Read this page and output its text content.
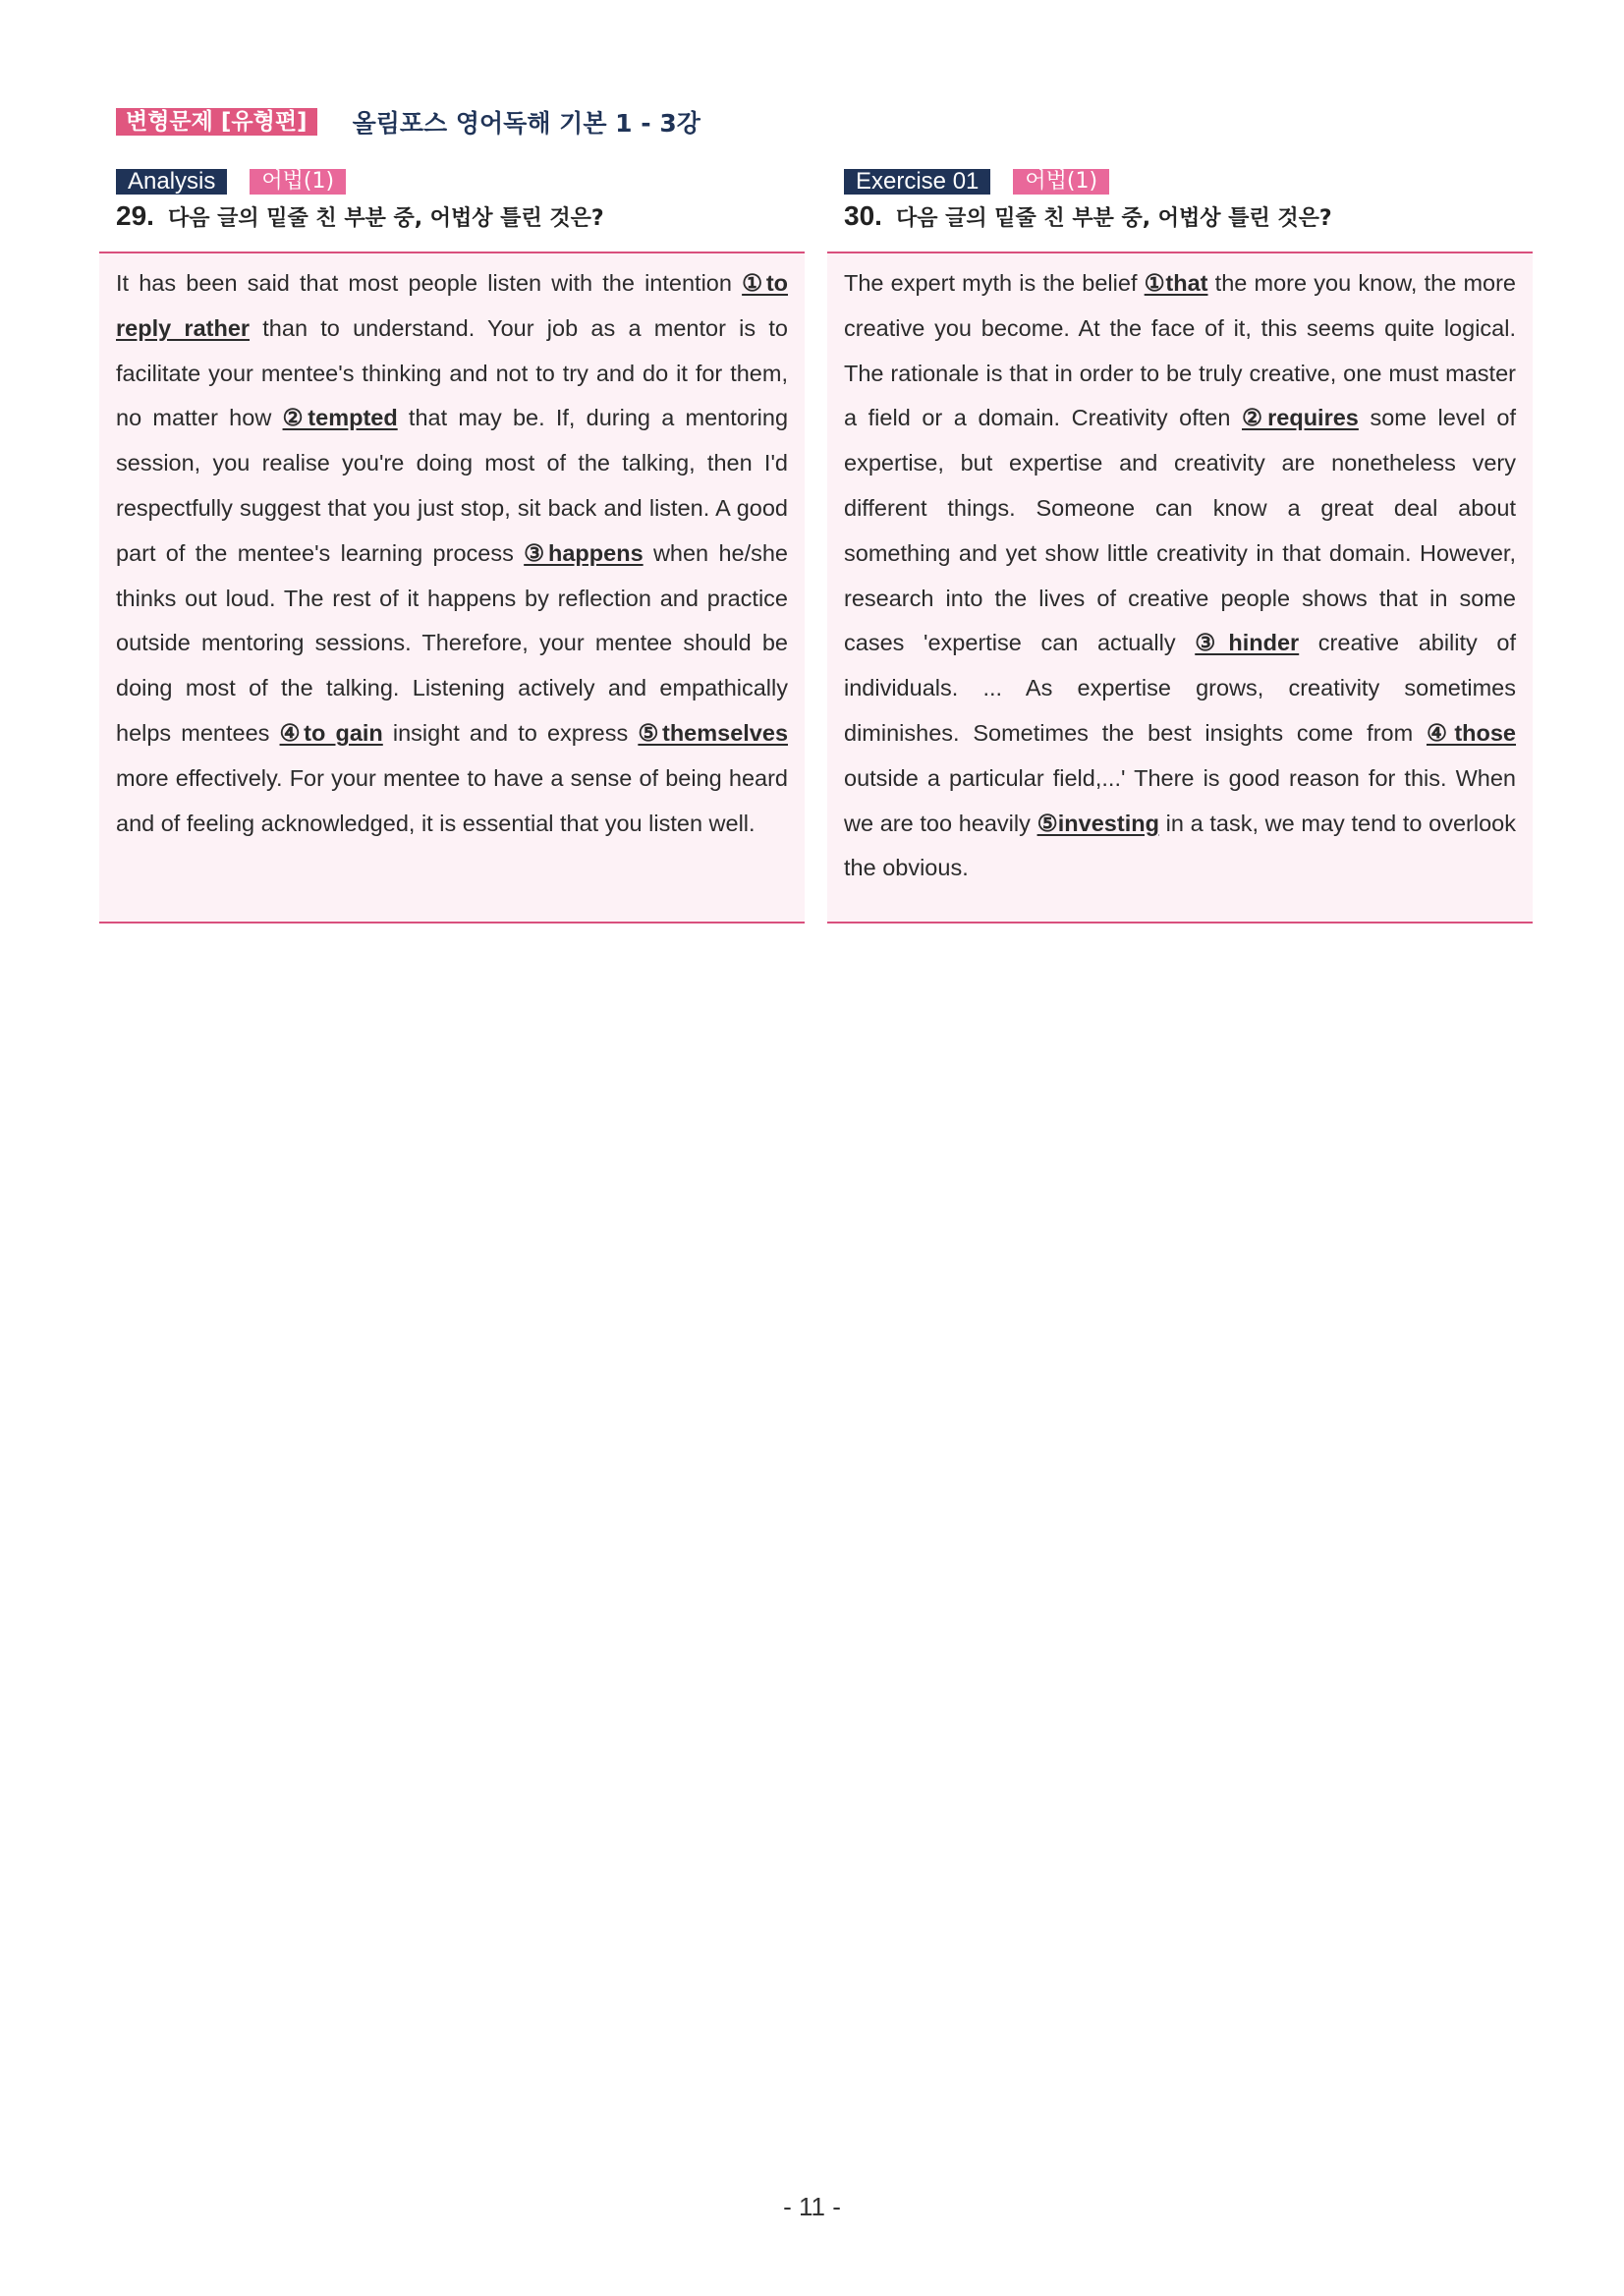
변형문제 [유형편]	올림포스 영어독해 기본 1 - 3강
Analysis	어법(1)
29. 다음 글의 밑줄 친 부분 중, 어법상 틀린 것은?
It has been said that most people listen with the intention ①to reply rather than to understand. Your job as a mentor is to facilitate your mentee's thinking and not to try and do it for them, no matter how ②tempted that may be. If, during a mentoring session, you realise you're doing most of the talking, then I'd respectfully suggest that you just stop, sit back and listen. A good part of the mentee's learning process ③happens when he/she thinks out loud. The rest of it happens by reflection and practice outside mentoring sessions. Therefore, your mentee should be doing most of the talking. Listening actively and empathically helps mentees ④to gain insight and to express ⑤themselves more effectively. For your mentee to have a sense of being heard and of feeling acknowledged, it is essential that you listen well.
Exercise 01	어법(1)
30. 다음 글의 밑줄 친 부분 중, 어법상 틀린 것은?
The expert myth is the belief ①that the more you know, the more creative you become. At the face of it, this seems quite logical. The rationale is that in order to be truly creative, one must master a field or a domain. Creativity often ②requires some level of expertise, but expertise and creativity are nonetheless very different things. Someone can know a great deal about something and yet show little creativity in that domain. However, research into the lives of creative people shows that in some cases 'expertise can actually ③hinder creative ability of individuals. ... As expertise grows, creativity sometimes diminishes. Sometimes the best insights come from ④those outside a particular field,...' There is good reason for this. When we are too heavily ⑤investing in a task, we may tend to overlook the obvious.
- 11 -
